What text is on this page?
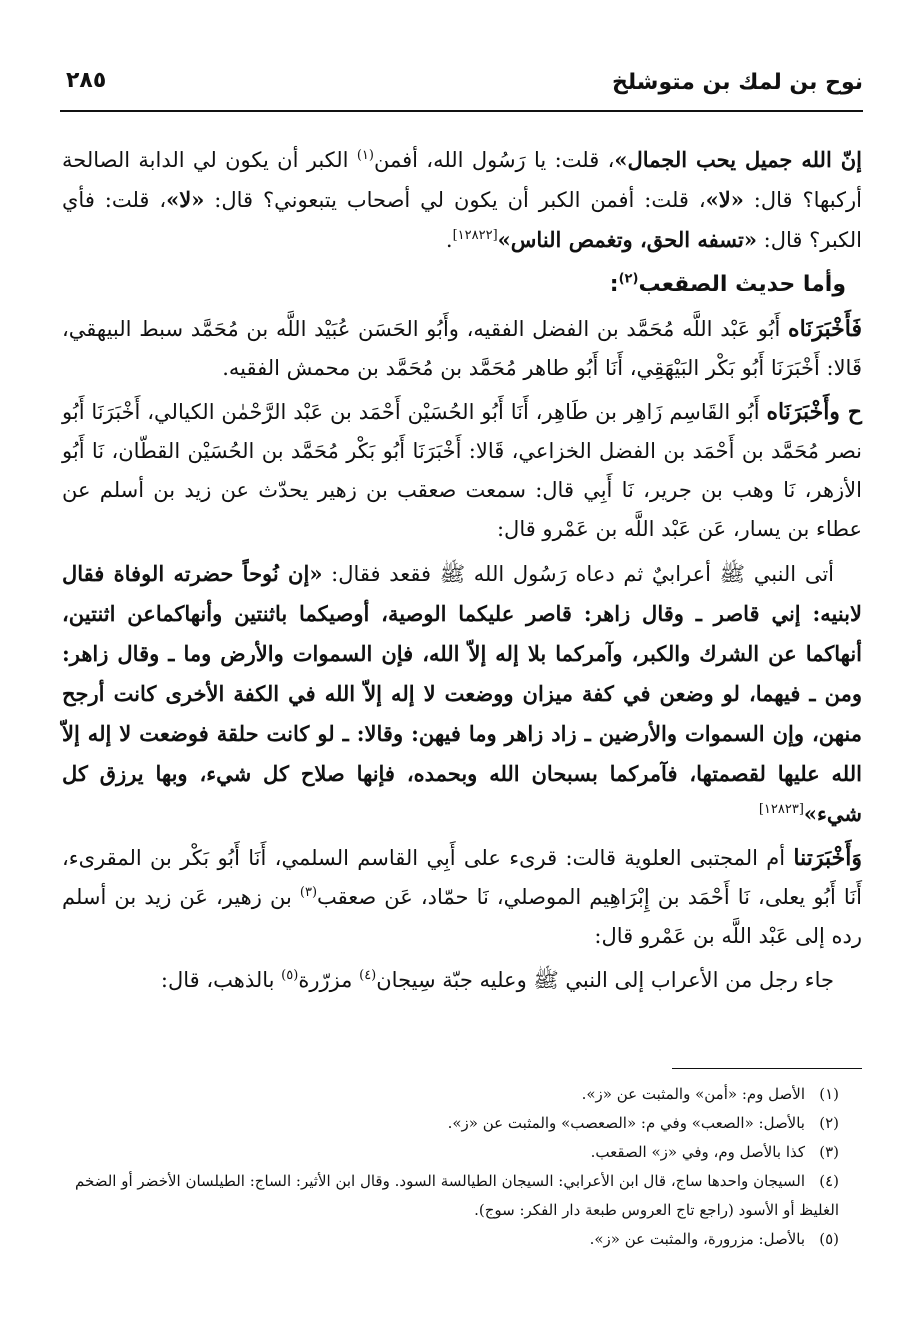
نوح بن لمك بن متوشلخ
٢٨٥

إنّ الله جميل يحب الجمال»، قلت: يا رَسُول الله، أفمن$^{(١)}$ الكبر أن يكون لي الدابة الصالحة أركبها؟ قال: «لا»، قلت: أفمن الكبر أن يكون لي أصحاب يتبعوني؟ قال: «لا»، قلت: فأي الكبر؟ قال: «تسفه الحق، وتغمص الناس»[١٢٨٢٢].

وأما حديث الصقعب$^{(٢)}$:

فَأَخْبَرَنَاه أَبُو عَبْد اللَّه مُحَمَّد بن الفضل الفقيه، وأَبُو الحَسَن عُبَيْد اللَّه بن مُحَمَّد سبط البيهقي، قَالا: أَخْبَرَنَا أَبُو بَكْر البَيْهَقِي، أَنَا أَبُو طاهر مُحَمَّد بن مُحَمَّد بن محمش الفقيه.

ح وأَخْبَرَنَاه أَبُو القَاسِم زَاهِر بن طَاهِر، أَنَا أَبُو الحُسَيْن أَحْمَد بن عَبْد الرَّحْمٰن الكيالي، أَخْبَرَنَا أَبُو نصر مُحَمَّد بن أَحْمَد بن الفضل الخزاعي، قَالا: أَخْبَرَنَا أَبُو بَكْر مُحَمَّد بن الحُسَيْن القطّان، نَا أَبُو الأزهر، نَا وهب بن جرير، نَا أَبِي قال: سمعت صعقب بن زهير يحدّث عن زيد بن أسلم عن عطاء بن يسار، عَن عَبْد اللَّه بن عَمْرو قال:

أتى النبي ﷺ أعرابيٌ ثم دعاه رَسُول الله ﷺ فقعد فقال: «إن نُوحاً حضرته الوفاة فقال لابنيه: إني قاصر ـ وقال زاهر: قاصر عليكما الوصية، أوصيكما باثنتين وأنهاكماعن اثنتين، أنهاكما عن الشرك والكبر، وآمركما بلا إله إلاّ الله، فإن السموات والأرض وما ـ وقال زاهر: ومن ـ فيهما، لو وضعن في كفة ميزان ووضعت لا إله إلاّ الله في الكفة الأخرى كانت أرجح منهن، وإن السموات والأرضين ـ زاد زاهر وما فيهن: وقالا: ـ لو كانت حلقة فوضعت لا إله إلاّ الله عليها لقصمتها، فآمركما بسبحان الله وبحمده، فإنها صلاح كل شيء، وبها يرزق كل شيء»[١٢٨٢٣]

وَأَخْبَرَتنا أم المجتبى العلوية قالت: قرىء على أَبِي القاسم السلمي، أَنَا أَبُو بَكْر بن المقرىء، أَنَا أَبُو يعلى، نَا أَحْمَد بن إِبْرَاهِيم الموصلي، نَا حمّاد، عَن صعقب$^{(٣)}$ بن زهير، عَن زيد بن أسلم رده إلى عَبْد اللَّه بن عَمْرو قال:

جاء رجل من الأعراب إلى النبي ﷺ وعليه جبّة سِيجان$^{(٤)}$ مزرّرة$^{(٥)}$ بالذهب، قال:

(١)الأصل وم: «أمن» والمثبت عن «ز».

(٢)بالأصل: «الصعب» وفي م: «الصعصب» والمثبت عن «ز».

(٣)كذا بالأصل وم، وفي «ز» الصقعب.

(٤)السيجان واحدها ساج، قال ابن الأعرابي: السيجان الطيالسة السود. وقال ابن الأثير: الساج: الطيلسان الأخضر أو الضخم الغليظ أو الأسود (راجع تاج العروس طبعة دار الفكر: سوج).

(٥)بالأصل: مزرورة، والمثبت عن «ز».
